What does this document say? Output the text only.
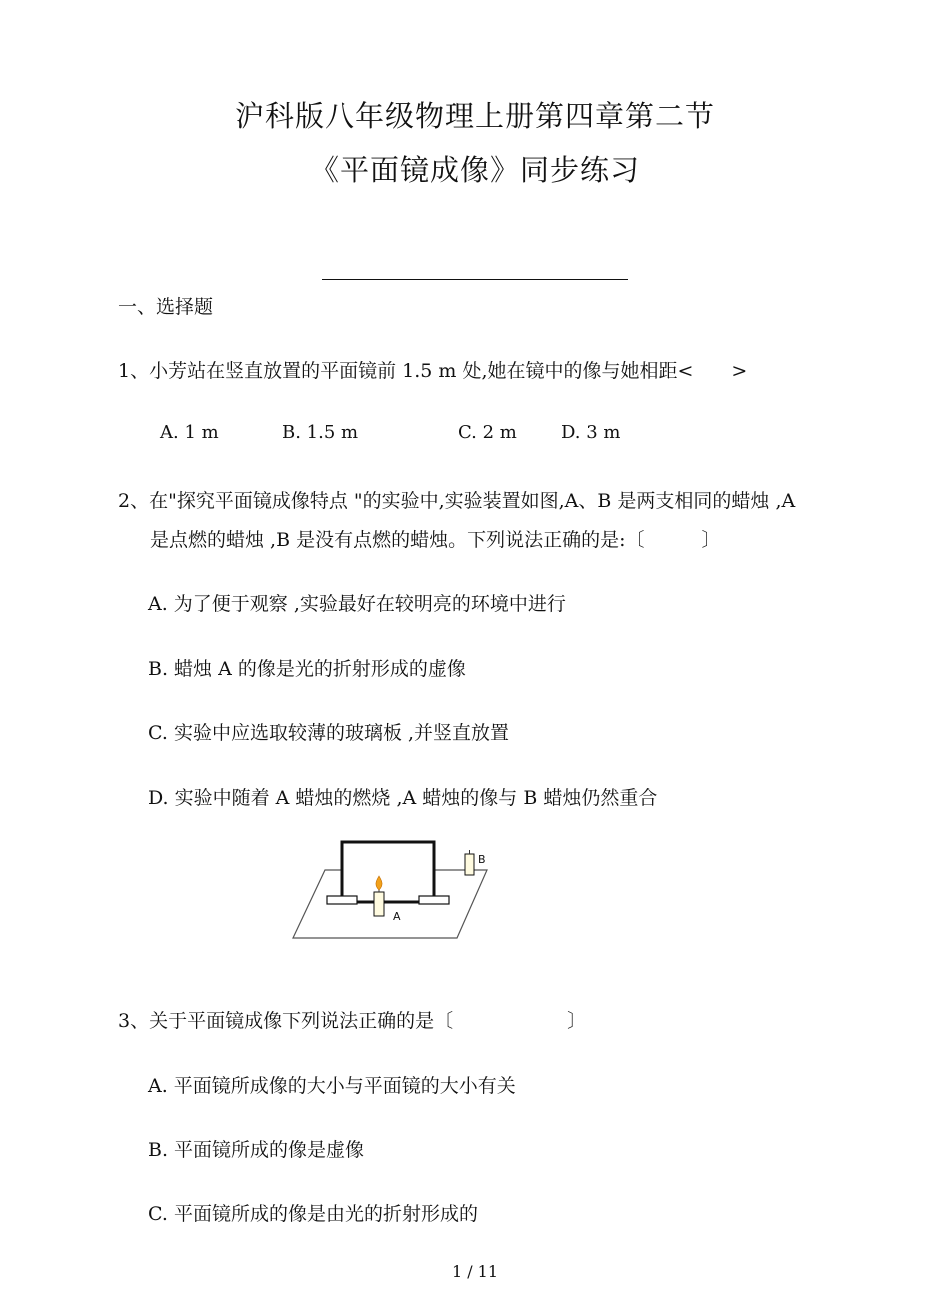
沪科版八年级物理上册第四章第二节
《平面镜成像》同步练习
一、选择题
1、小芳站在竖直放置的平面镜前 1.5 m 处,她在镜中的像与她相距<　　>
A. 1 m	B. 1.5 m	C. 2 m D. 3 m
2、在"探究平面镜成像特点 "的实验中,实验装置如图,A、B 是两支相同的蜡烛 ,A
是点燃的蜡烛 ,B 是没有点燃的蜡烛。下列说法正确的是:〔　　　〕
A. 为了便于观察 ,实验最好在较明亮的环境中进行
B. 蜡烛 A 的像是光的折射形成的虚像
C. 实验中应选取较薄的玻璃板 ,并竖直放置
D. 实验中随着 A 蜡烛的燃烧 ,A 蜡烛的像与 B 蜡烛仍然重合
A
B
3、关于平面镜成像下列说法正确的是〔　　　　　　〕
A. 平面镜所成像的大小与平面镜的大小有关
B. 平面镜所成的像是虚像
C. 平面镜所成的像是由光的折射形成的
1 / 11
